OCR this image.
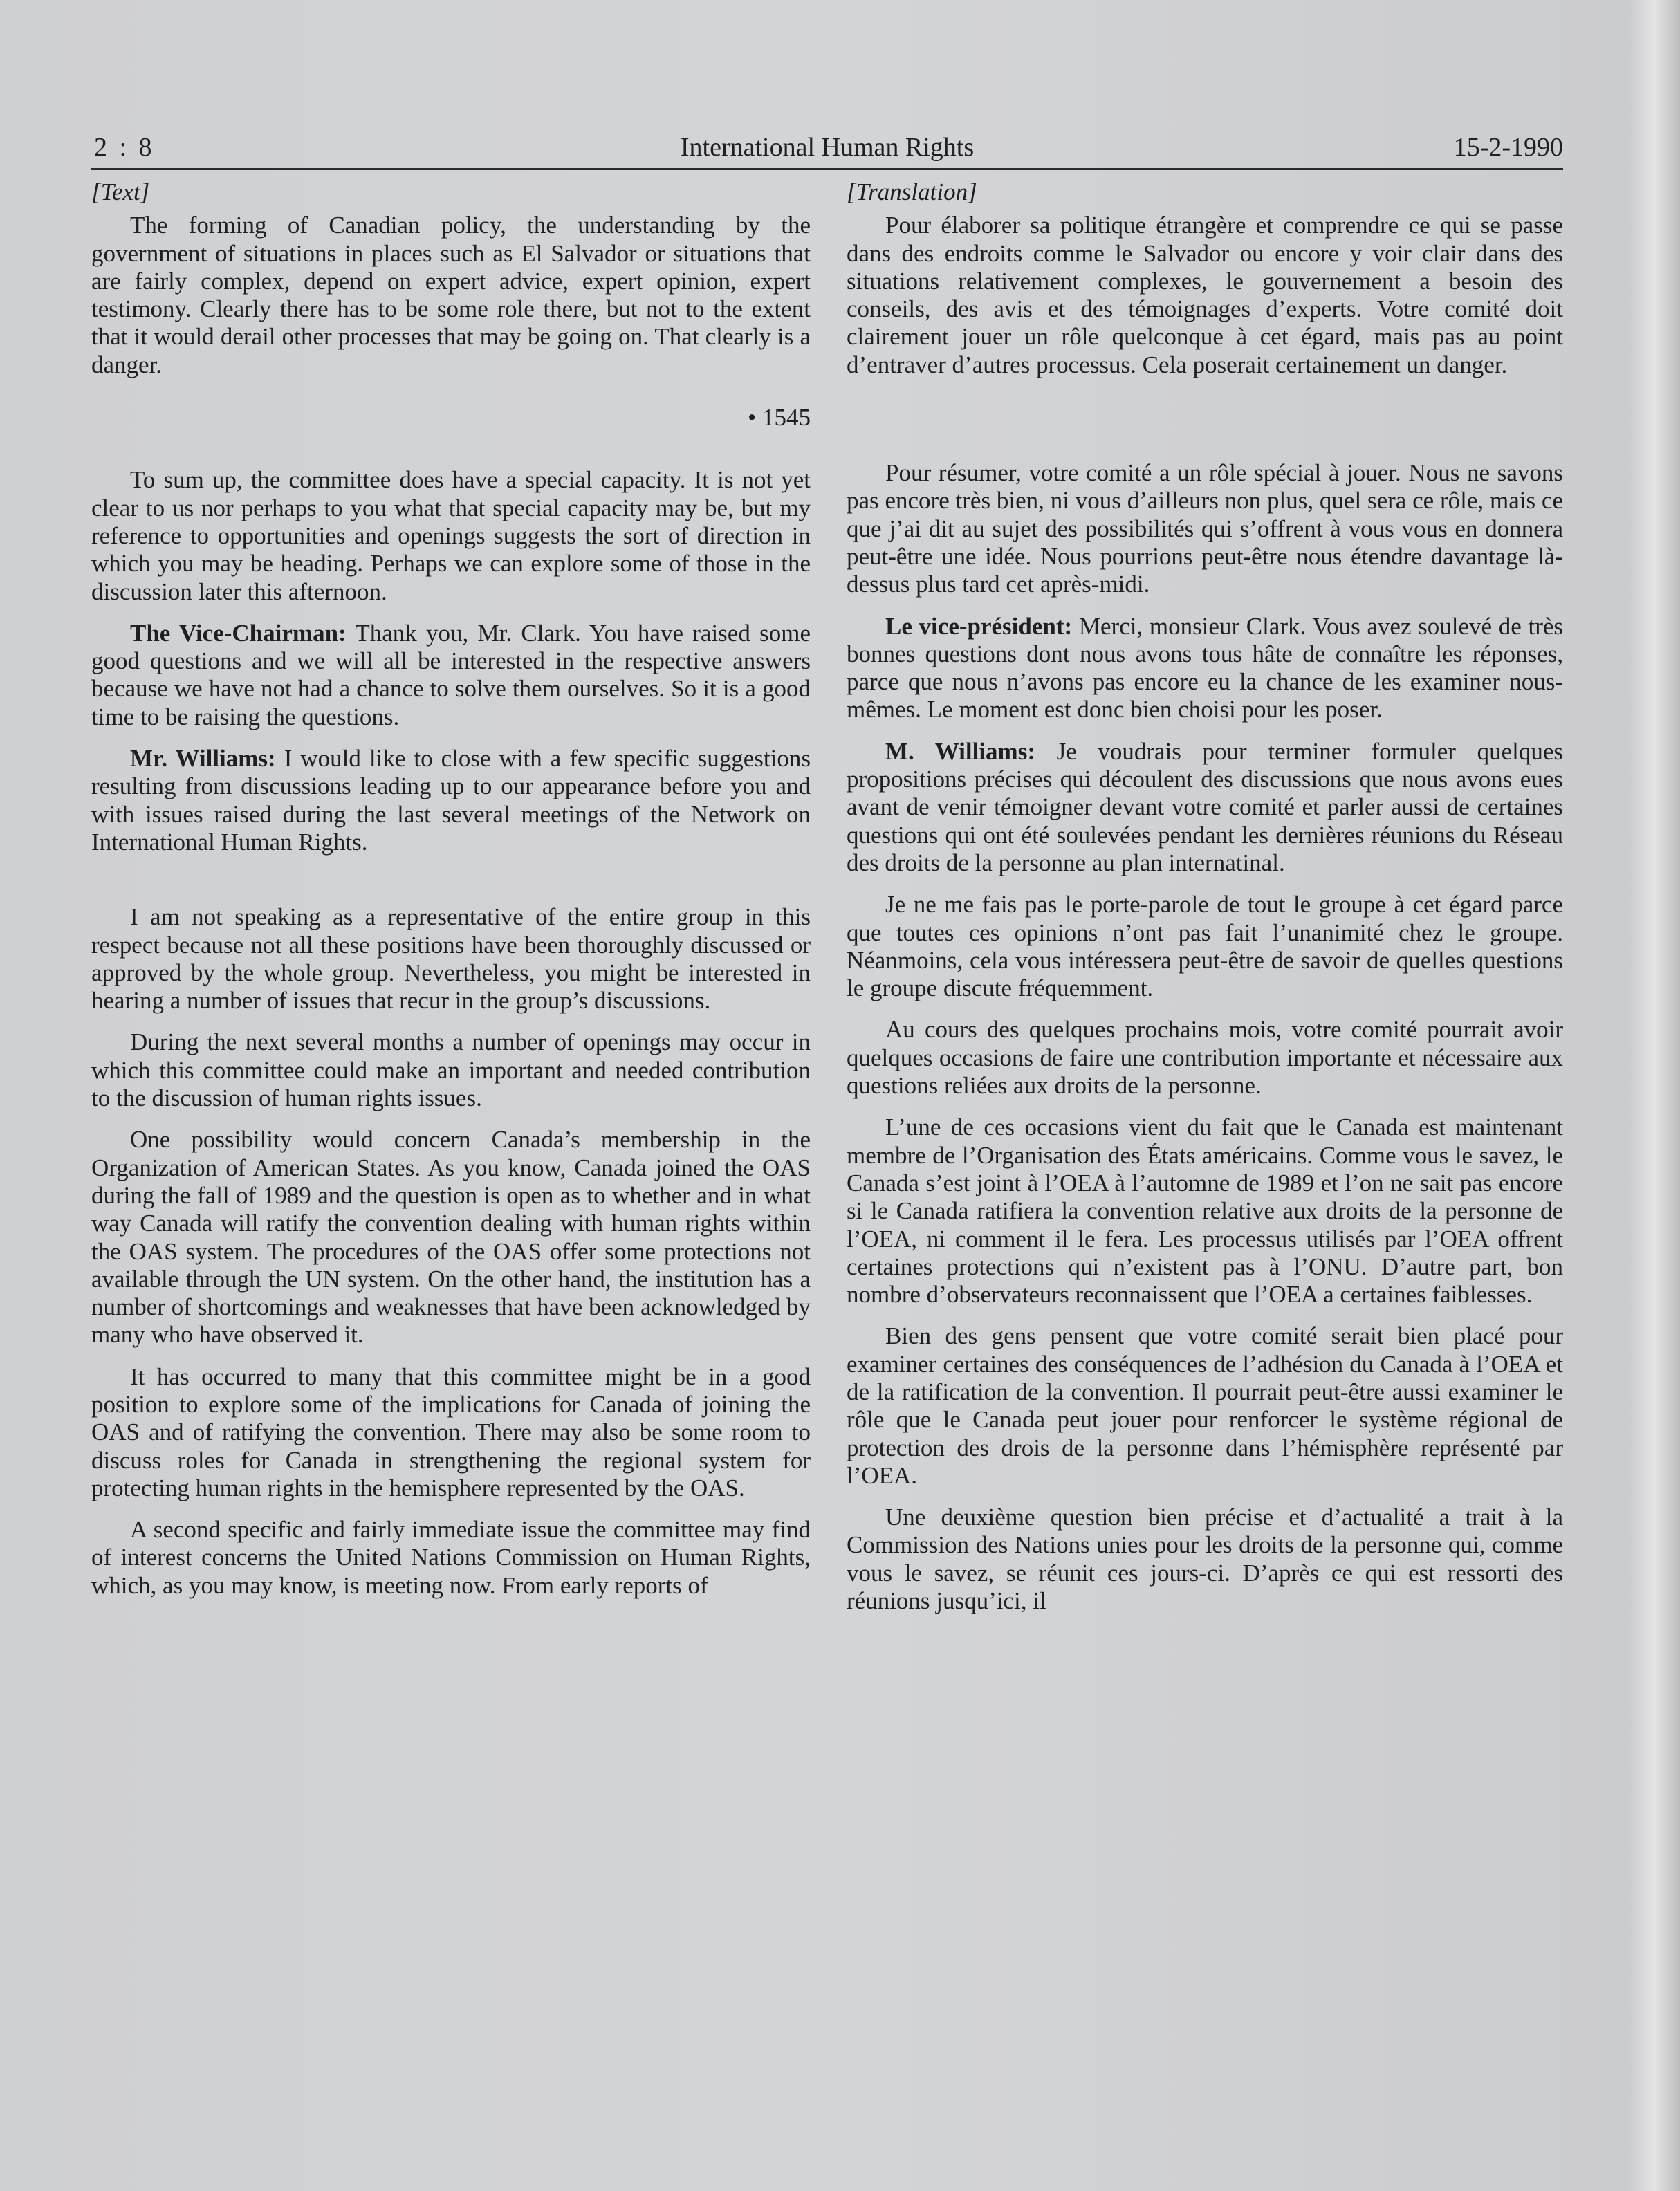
2 : 8	International Human Rights	15-2-1990

[Text]

The forming of Canadian policy, the understanding by the government of situations in places such as El Salvador or situations that are fairly complex, depend on expert advice, expert opinion, expert testimony. Clearly there has to be some role there, but not to the extent that it would derail other processes that may be going on. That clearly is a danger.

• 1545

To sum up, the committee does have a special capacity. It is not yet clear to us nor perhaps to you what that special capacity may be, but my reference to opportunities and openings suggests the sort of direction in which you may be heading. Perhaps we can explore some of those in the discussion later this afternoon.

The Vice-Chairman: Thank you, Mr. Clark. You have raised some good questions and we will all be interested in the respective answers because we have not had a chance to solve them ourselves. So it is a good time to be raising the questions.

Mr. Williams: I would like to close with a few specific suggestions resulting from discussions leading up to our appearance before you and with issues raised during the last several meetings of the Network on International Human Rights.

I am not speaking as a representative of the entire group in this respect because not all these positions have been thoroughly discussed or approved by the whole group. Nevertheless, you might be interested in hearing a number of issues that recur in the group’s discussions.

During the next several months a number of openings may occur in which this committee could make an important and needed contribution to the discussion of human rights issues.

One possibility would concern Canada’s membership in the Organization of American States. As you know, Canada joined the OAS during the fall of 1989 and the question is open as to whether and in what way Canada will ratify the convention dealing with human rights within the OAS system. The procedures of the OAS offer some protections not available through the UN system. On the other hand, the institution has a number of shortcomings and weaknesses that have been acknowledged by many who have observed it.

It has occurred to many that this committee might be in a good position to explore some of the implications for Canada of joining the OAS and of ratifying the convention. There may also be some room to discuss roles for Canada in strengthening the regional system for protecting human rights in the hemisphere represented by the OAS.

A second specific and fairly immediate issue the committee may find of interest concerns the United Nations Commission on Human Rights, which, as you may know, is meeting now. From early reports of

[Translation]

Pour élaborer sa politique étrangère et comprendre ce qui se passe dans des endroits comme le Salvador ou encore y voir clair dans des situations relativement complexes, le gouvernement a besoin des conseils, des avis et des témoignages d’experts. Votre comité doit clairement jouer un rôle quelconque à cet égard, mais pas au point d’entraver d’autres processus. Cela poserait certainement un danger.

Pour résumer, votre comité a un rôle spécial à jouer. Nous ne savons pas encore très bien, ni vous d’ailleurs non plus, quel sera ce rôle, mais ce que j’ai dit au sujet des possibilités qui s’offrent à vous vous en donnera peut-être une idée. Nous pourrions peut-être nous étendre davantage là-dessus plus tard cet après-midi.

Le vice-président: Merci, monsieur Clark. Vous avez soulevé de très bonnes questions dont nous avons tous hâte de connaître les réponses, parce que nous n’avons pas encore eu la chance de les examiner nous-mêmes. Le moment est donc bien choisi pour les poser.

M. Williams: Je voudrais pour terminer formuler quelques propositions précises qui découlent des discussions que nous avons eues avant de venir témoigner devant votre comité et parler aussi de certaines questions qui ont été soulevées pendant les dernières réunions du Réseau des droits de la personne au plan internatinal.

Je ne me fais pas le porte-parole de tout le groupe à cet égard parce que toutes ces opinions n’ont pas fait l’unanimité chez le groupe. Néanmoins, cela vous intéressera peut-être de savoir de quelles questions le groupe discute fréquemment.

Au cours des quelques prochains mois, votre comité pourrait avoir quelques occasions de faire une contribution importante et nécessaire aux questions reliées aux droits de la personne.

L’une de ces occasions vient du fait que le Canada est maintenant membre de l’Organisation des États américains. Comme vous le savez, le Canada s’est joint à l’OEA à l’automne de 1989 et l’on ne sait pas encore si le Canada ratifiera la convention relative aux droits de la personne de l’OEA, ni comment il le fera. Les processus utilisés par l’OEA offrent certaines protections qui n’existent pas à l’ONU. D’autre part, bon nombre d’observateurs reconnaissent que l’OEA a certaines faiblesses.

Bien des gens pensent que votre comité serait bien placé pour examiner certaines des conséquences de l’adhésion du Canada à l’OEA et de la ratification de la convention. Il pourrait peut-être aussi examiner le rôle que le Canada peut jouer pour renforcer le système régional de protection des drois de la personne dans l’hémisphère représenté par l’OEA.

Une deuxième question bien précise et d’actualité a trait à la Commission des Nations unies pour les droits de la personne qui, comme vous le savez, se réunit ces jours-ci. D’après ce qui est ressorti des réunions jusqu’ici, il
